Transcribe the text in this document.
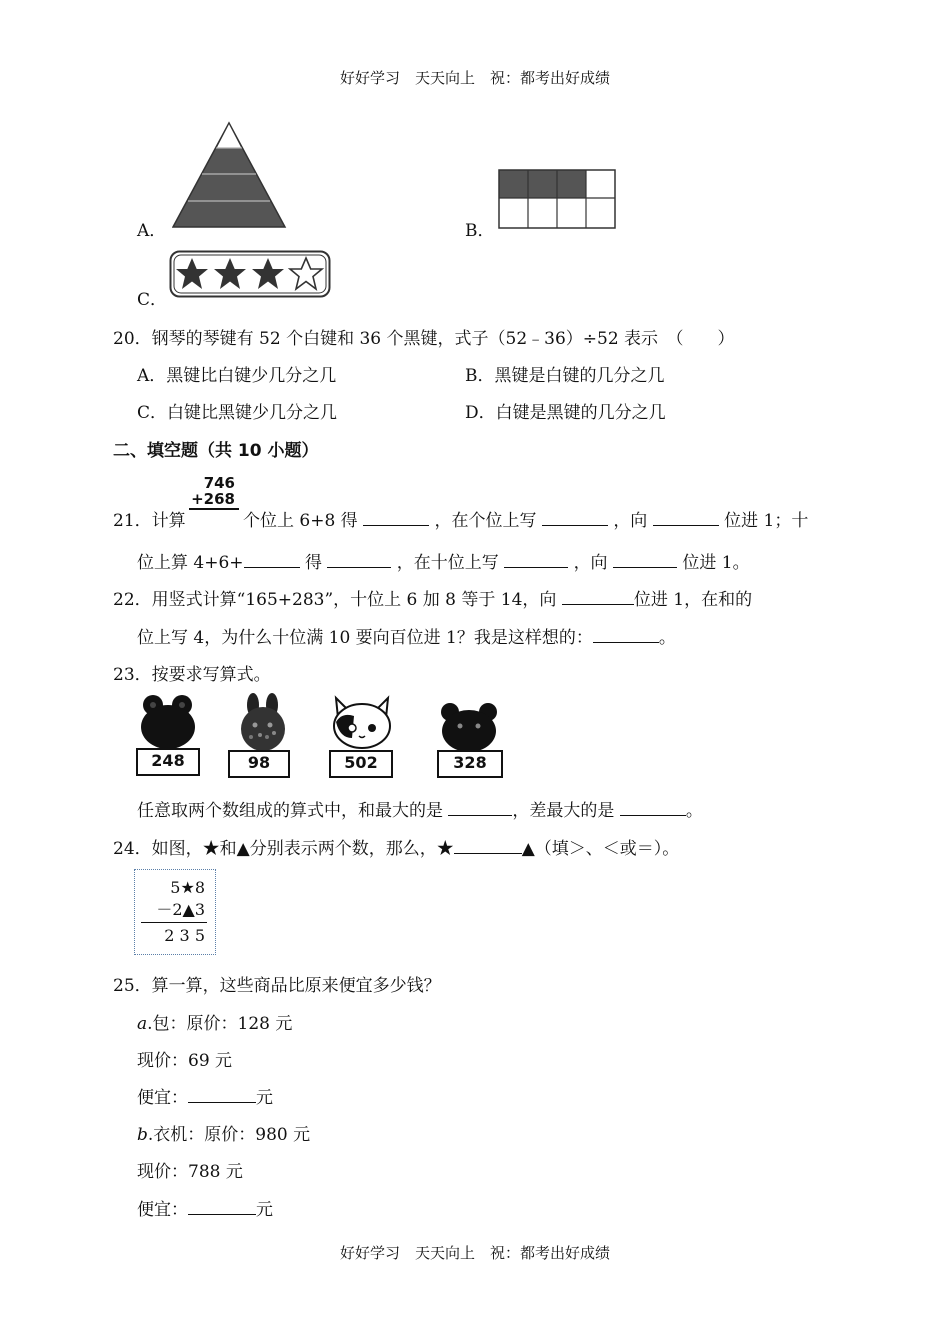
好好学习　天天向上　祝：都考出好成绩
A．	B．
C．
20．钢琴的琴键有 52 个白键和 36 个黑键，式子（52﹣36）÷52 表示　（　　）
A．黑键比白键少几分之几	B．黑键是白键的几分之几
C．白键比黑键少几分之几	D．白键是黑键的几分之几
二、填空题（共 10 小题）
21．计算
746
+268
个位上 6+8 得	，在个位上写	，向	位进 1；十
位上算 4+6+	得	，在十位上写	，向	位进 1。
22．用竖式计算“165+283”，十位上 6 加 8 等于 14，向	位进 1，在和的
位上写 4，为什么十位满 10 要向百位进 1？我是这样想的：	。
23．按要求写算式。
248	98	502	328
任意取两个数组成的算式中，和最大的是	，差最大的是	。
24．如图，★和▲分别表示两个数，那么，★	▲（填＞、＜或＝）。
5★8
－2▲3
2 3 5
25．算一算，这些商品比原来便宜多少钱？
a.包：原价：128 元
现价：69 元
便宜：	元
b.衣机：原价：980 元
现价：788 元
便宜：	元
好好学习　天天向上　祝：都考出好成绩
